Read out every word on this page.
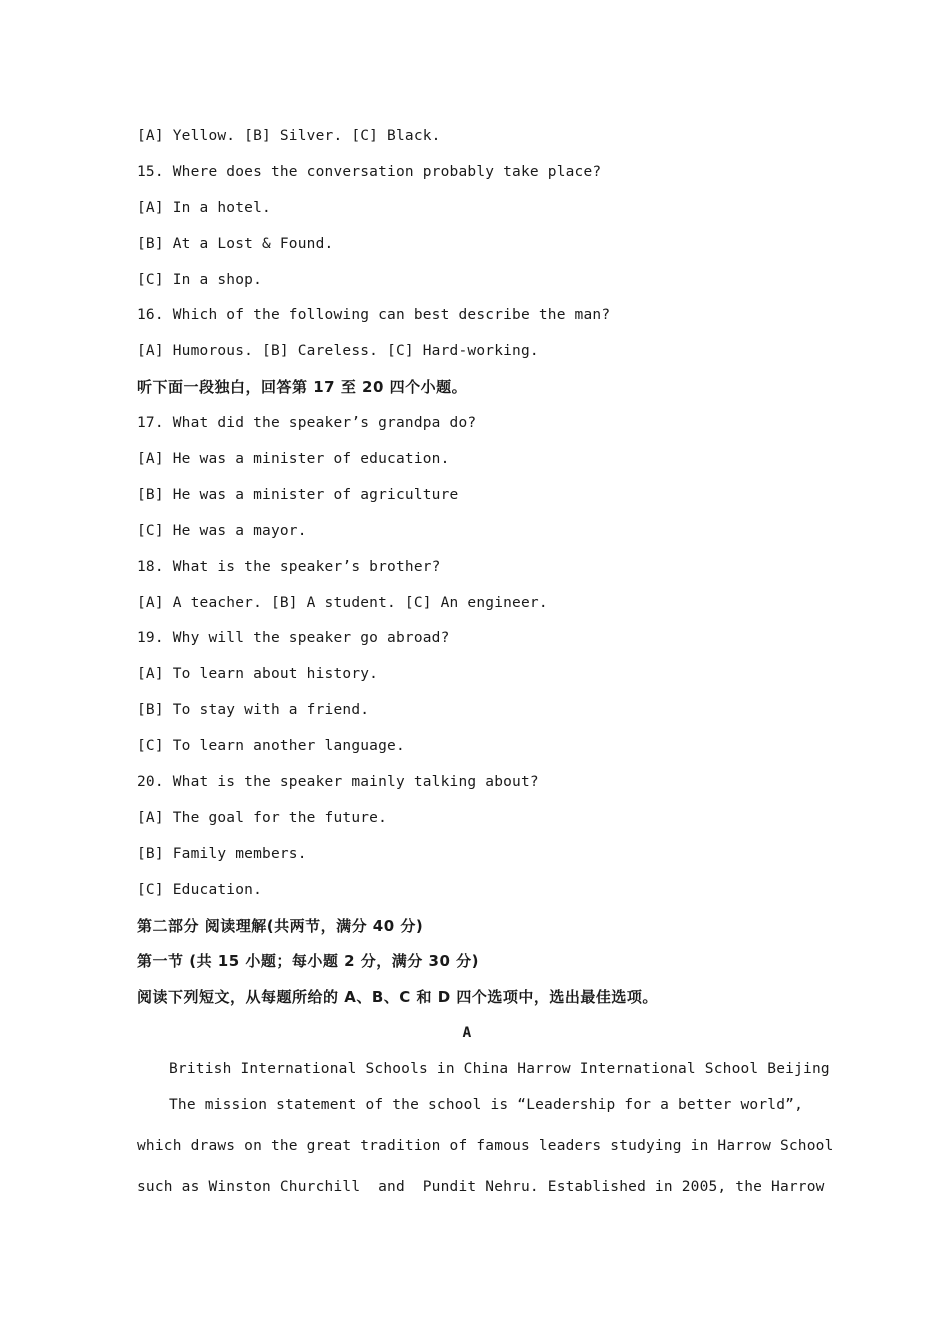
[A] Yellow. [B] Silver. [C] Black.
15. Where does the conversation probably take place?
[A] In a hotel.
[B] At a Lost & Found.
[C] In a shop.
16. Which of the following can best describe the man?
[A] Humorous. [B] Careless. [C] Hard-working.
听下面一段独白，回答第 17 至 20 四个小题。
17. What did the speaker’s grandpa do?
[A] He was a minister of education.
[B] He was a minister of agriculture
[C] He was a mayor.
18. What is the speaker’s brother?
[A] A teacher. [B] A student. [C] An engineer.
19. Why will the speaker go abroad?
[A] To learn about history.
[B] To stay with a friend.
[C] To learn another language.
20. What is the speaker mainly talking about?
[A] The goal for the future.
[B] Family members.
[C] Education.
第二部分 阅读理解(共两节，满分 40 分)
第一节 (共 15 小题；每小题 2 分，满分 30 分)
阅读下列短文，从每题所给的 A、B、C 和 D 四个选项中，选出最佳选项。
A
British International Schools in China Harrow International School Beijing
The mission statement of the school is “Leadership for a better world”,
which draws on the great tradition of famous leaders studying in Harrow School
such as Winston Churchill  and  Pundit Nehru. Established in 2005, the Harrow
